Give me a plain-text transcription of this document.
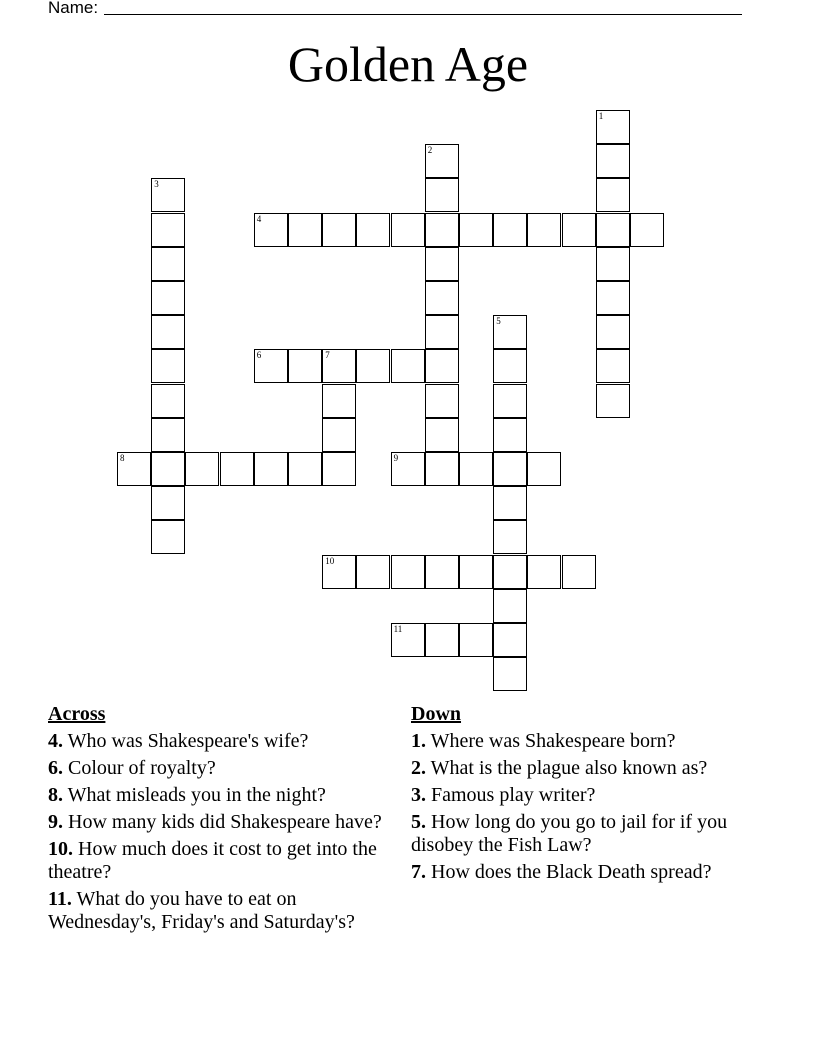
Name:
Golden Age
1
2
3
4
5
6	7
8	9
10
11
Across
4. Who was Shakespeare's wife?
6. Colour of royalty?
8. What misleads you in the night?
9. How many kids did Shakespeare have?
10. How much does it cost to get into the theatre?
11. What do you have to eat on Wednesday's, Friday's and Saturday's?
Down
1. Where was Shakespeare born?
2. What is the plague also known as?
3. Famous play writer?
5. How long do you go to jail for if you disobey the Fish Law?
7. How does the Black Death spread?
